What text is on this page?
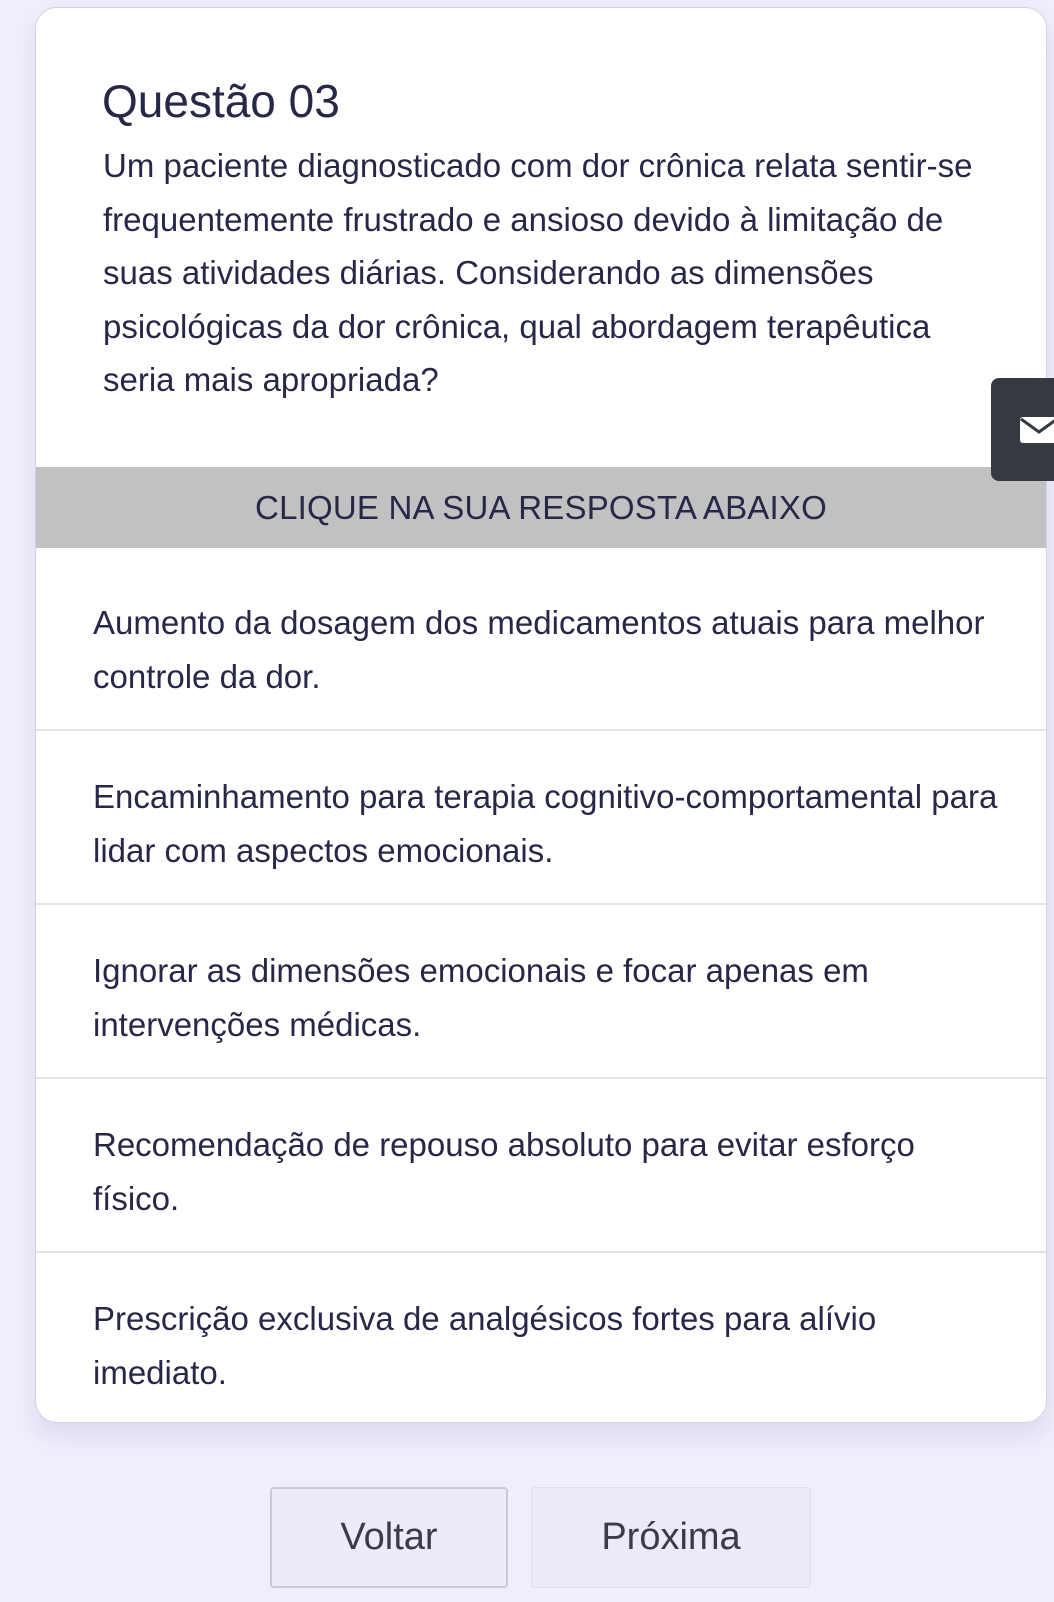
Questão 03

Um paciente diagnosticado com dor crônica relata sentir-se frequentemente frustrado e ansioso devido à limitação de suas atividades diárias. Considerando as dimensões psicológicas da dor crônica, qual abordagem terapêutica seria mais apropriada?

CLIQUE NA SUA RESPOSTA ABAIXO
Aumento da dosagem dos medicamentos atuais para melhor controle da dor.
Encaminhamento para terapia cognitivo-comportamental para lidar com aspectos emocionais.
Ignorar as dimensões emocionais e focar apenas em intervenções médicas.
Recomendação de repouso absoluto para evitar esforço físico.
Prescrição exclusiva de analgésicos fortes para alívio imediato.
Voltar	Próxima
